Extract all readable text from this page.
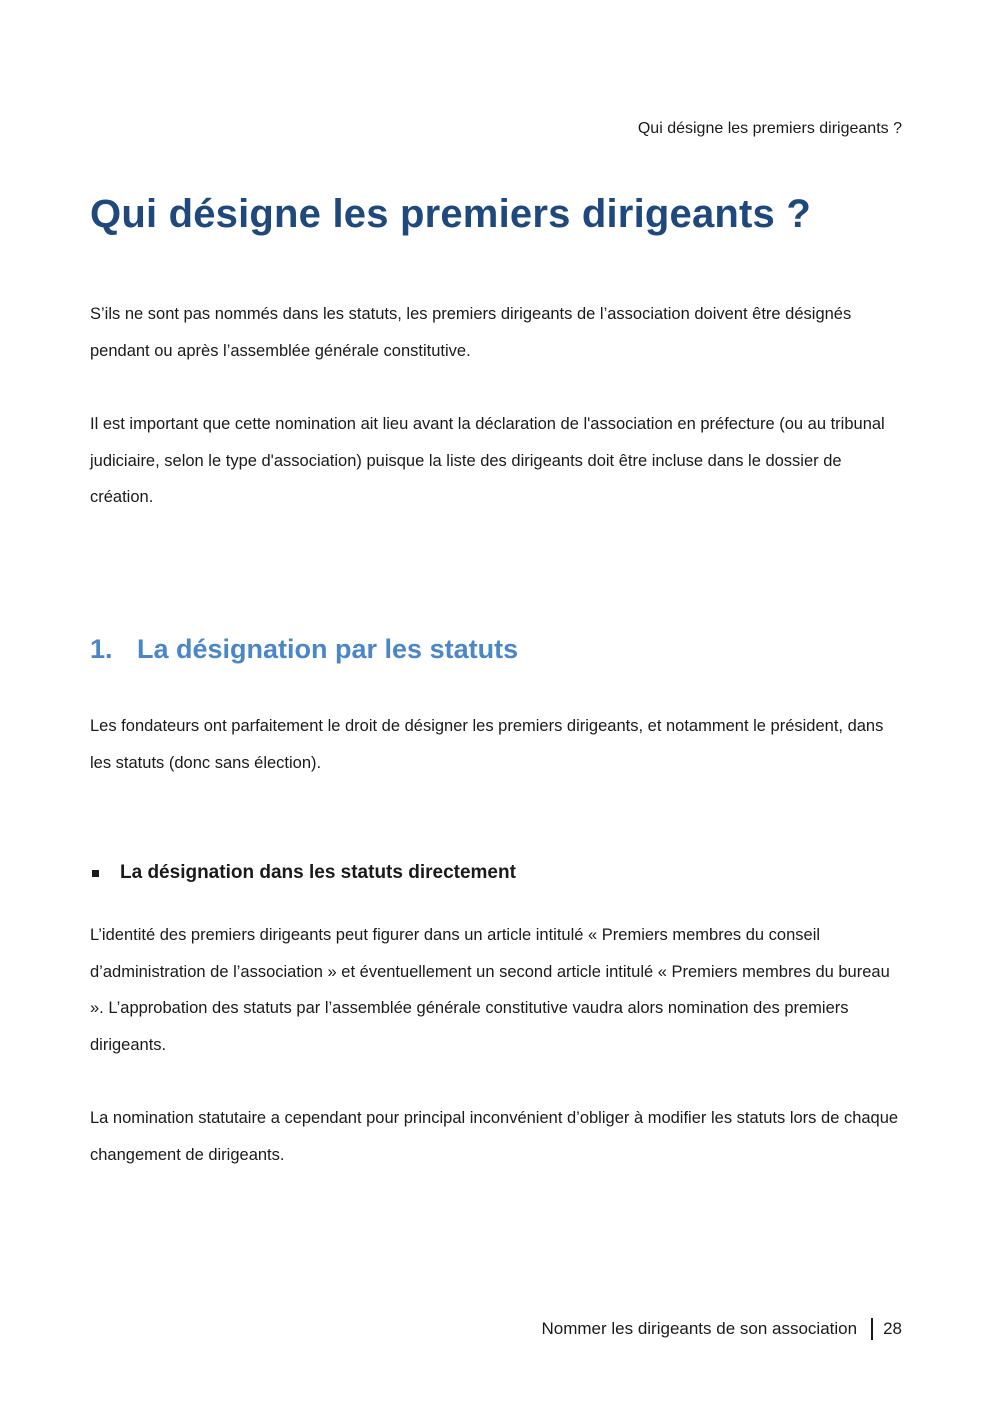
Qui désigne les premiers dirigeants ?
Qui désigne les premiers dirigeants ?

S’ils ne sont pas nommés dans les statuts, les premiers dirigeants de l’association doivent être désignés pendant ou après l’assemblée générale constitutive.

Il est important que cette nomination ait lieu avant la déclaration de l'association en préfecture (ou au tribunal judiciaire, selon le type d'association) puisque la liste des dirigeants doit être incluse dans le dossier de création.

1. La désignation par les statuts

Les fondateurs ont parfaitement le droit de désigner les premiers dirigeants, et notamment le président, dans les statuts (donc sans élection).

La désignation dans les statuts directement

L’identité des premiers dirigeants peut figurer dans un article intitulé « Premiers membres du conseil d’administration de l’association » et éventuellement un second article intitulé « Premiers membres du bureau ». L’approbation des statuts par l’assemblée générale constitutive vaudra alors nomination des premiers dirigeants.

La nomination statutaire a cependant pour principal inconvénient d’obliger à modifier les statuts lors de chaque changement de dirigeants.

Nommer les dirigeants de son association 28
